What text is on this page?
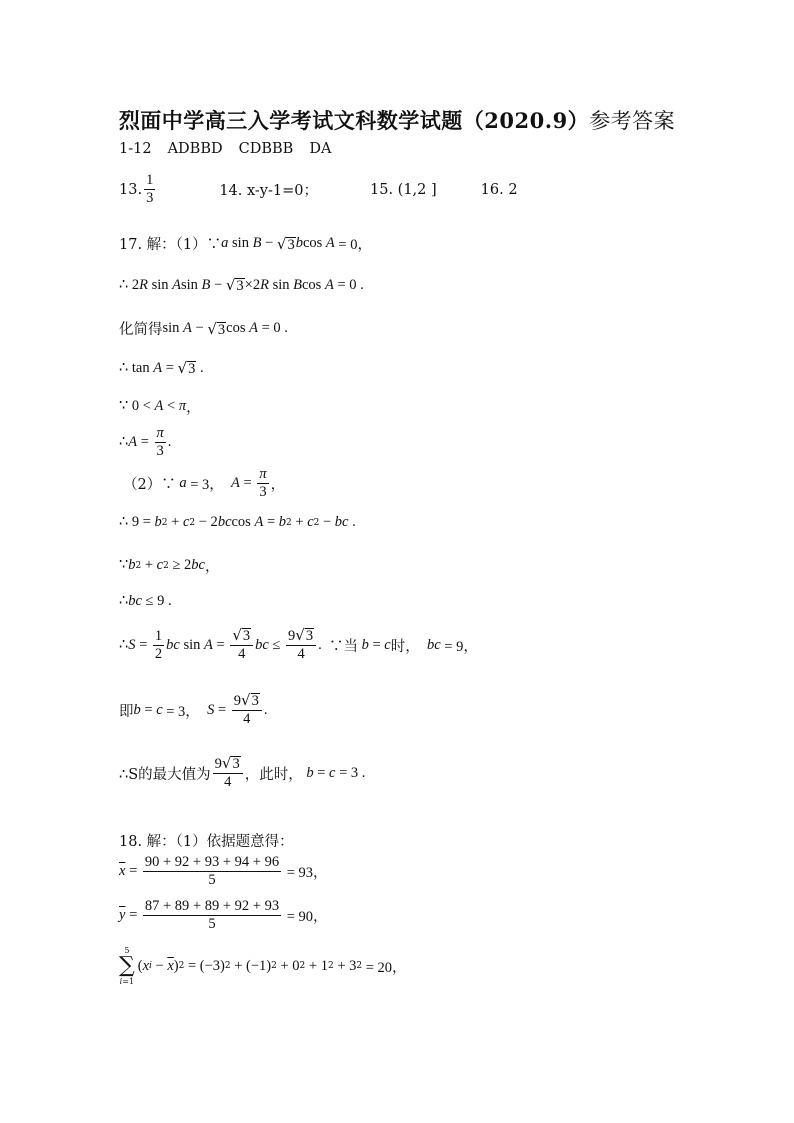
烈面中学高三入学考试文科数学试题（2020.9）参考答案
1-12 ADBBD CDBBB DA
13. $\frac{1}{3}$	14. x-y-1=0；	15. (1,2 ]	16. 2
17. 解：（1）∵ a sin B − √ 3 b cos A = 0，
∴ 2 R sin A sin B − √ 3 ×2 R sin B cos A = 0 .
化简得 sin A − √ 3 cos A = 0 .
∴ tan A = √ 3 .
∵ 0 < A < π ，
∴ $A = \frac{\pi}{3}$ .
（2）∵ a = 3， $A = \frac{\pi}{3}$ ，
∴ 9 = b 2 + c 2 − 2 bc cos A = b 2 + c 2 − bc .
∵ b 2 + c 2 ≥ 2 bc ，
∴ bc ≤ 9 .
∴ $S = \frac{1}{2}$ bc $\sin A = \frac{√ 3}{4}$ bc ≤ $\frac{9 √ 3}{4}$ . ∵当 b = c 时， bc = 9，
即 b = c = 3， $S = \frac{9 √ 3}{4}$ .
∴S的最大值为 $\frac{9 √ 3}{4}$ ，此时， b = c = 3 .
18. 解：（1）依据题意得：
$\overline{x} = \frac{90 + 92 + 93 + 94 + 96}{5} = 93$，
$\overline{y} = \frac{87 + 89 + 89 + 92 + 93}{5} = 90$，
5
∑
i=1
( x $i - \overline{x}$ ) 2 = (−3) 2 + (−1) 2 + 0 2 + 1 2 + 3 2 = 20，
